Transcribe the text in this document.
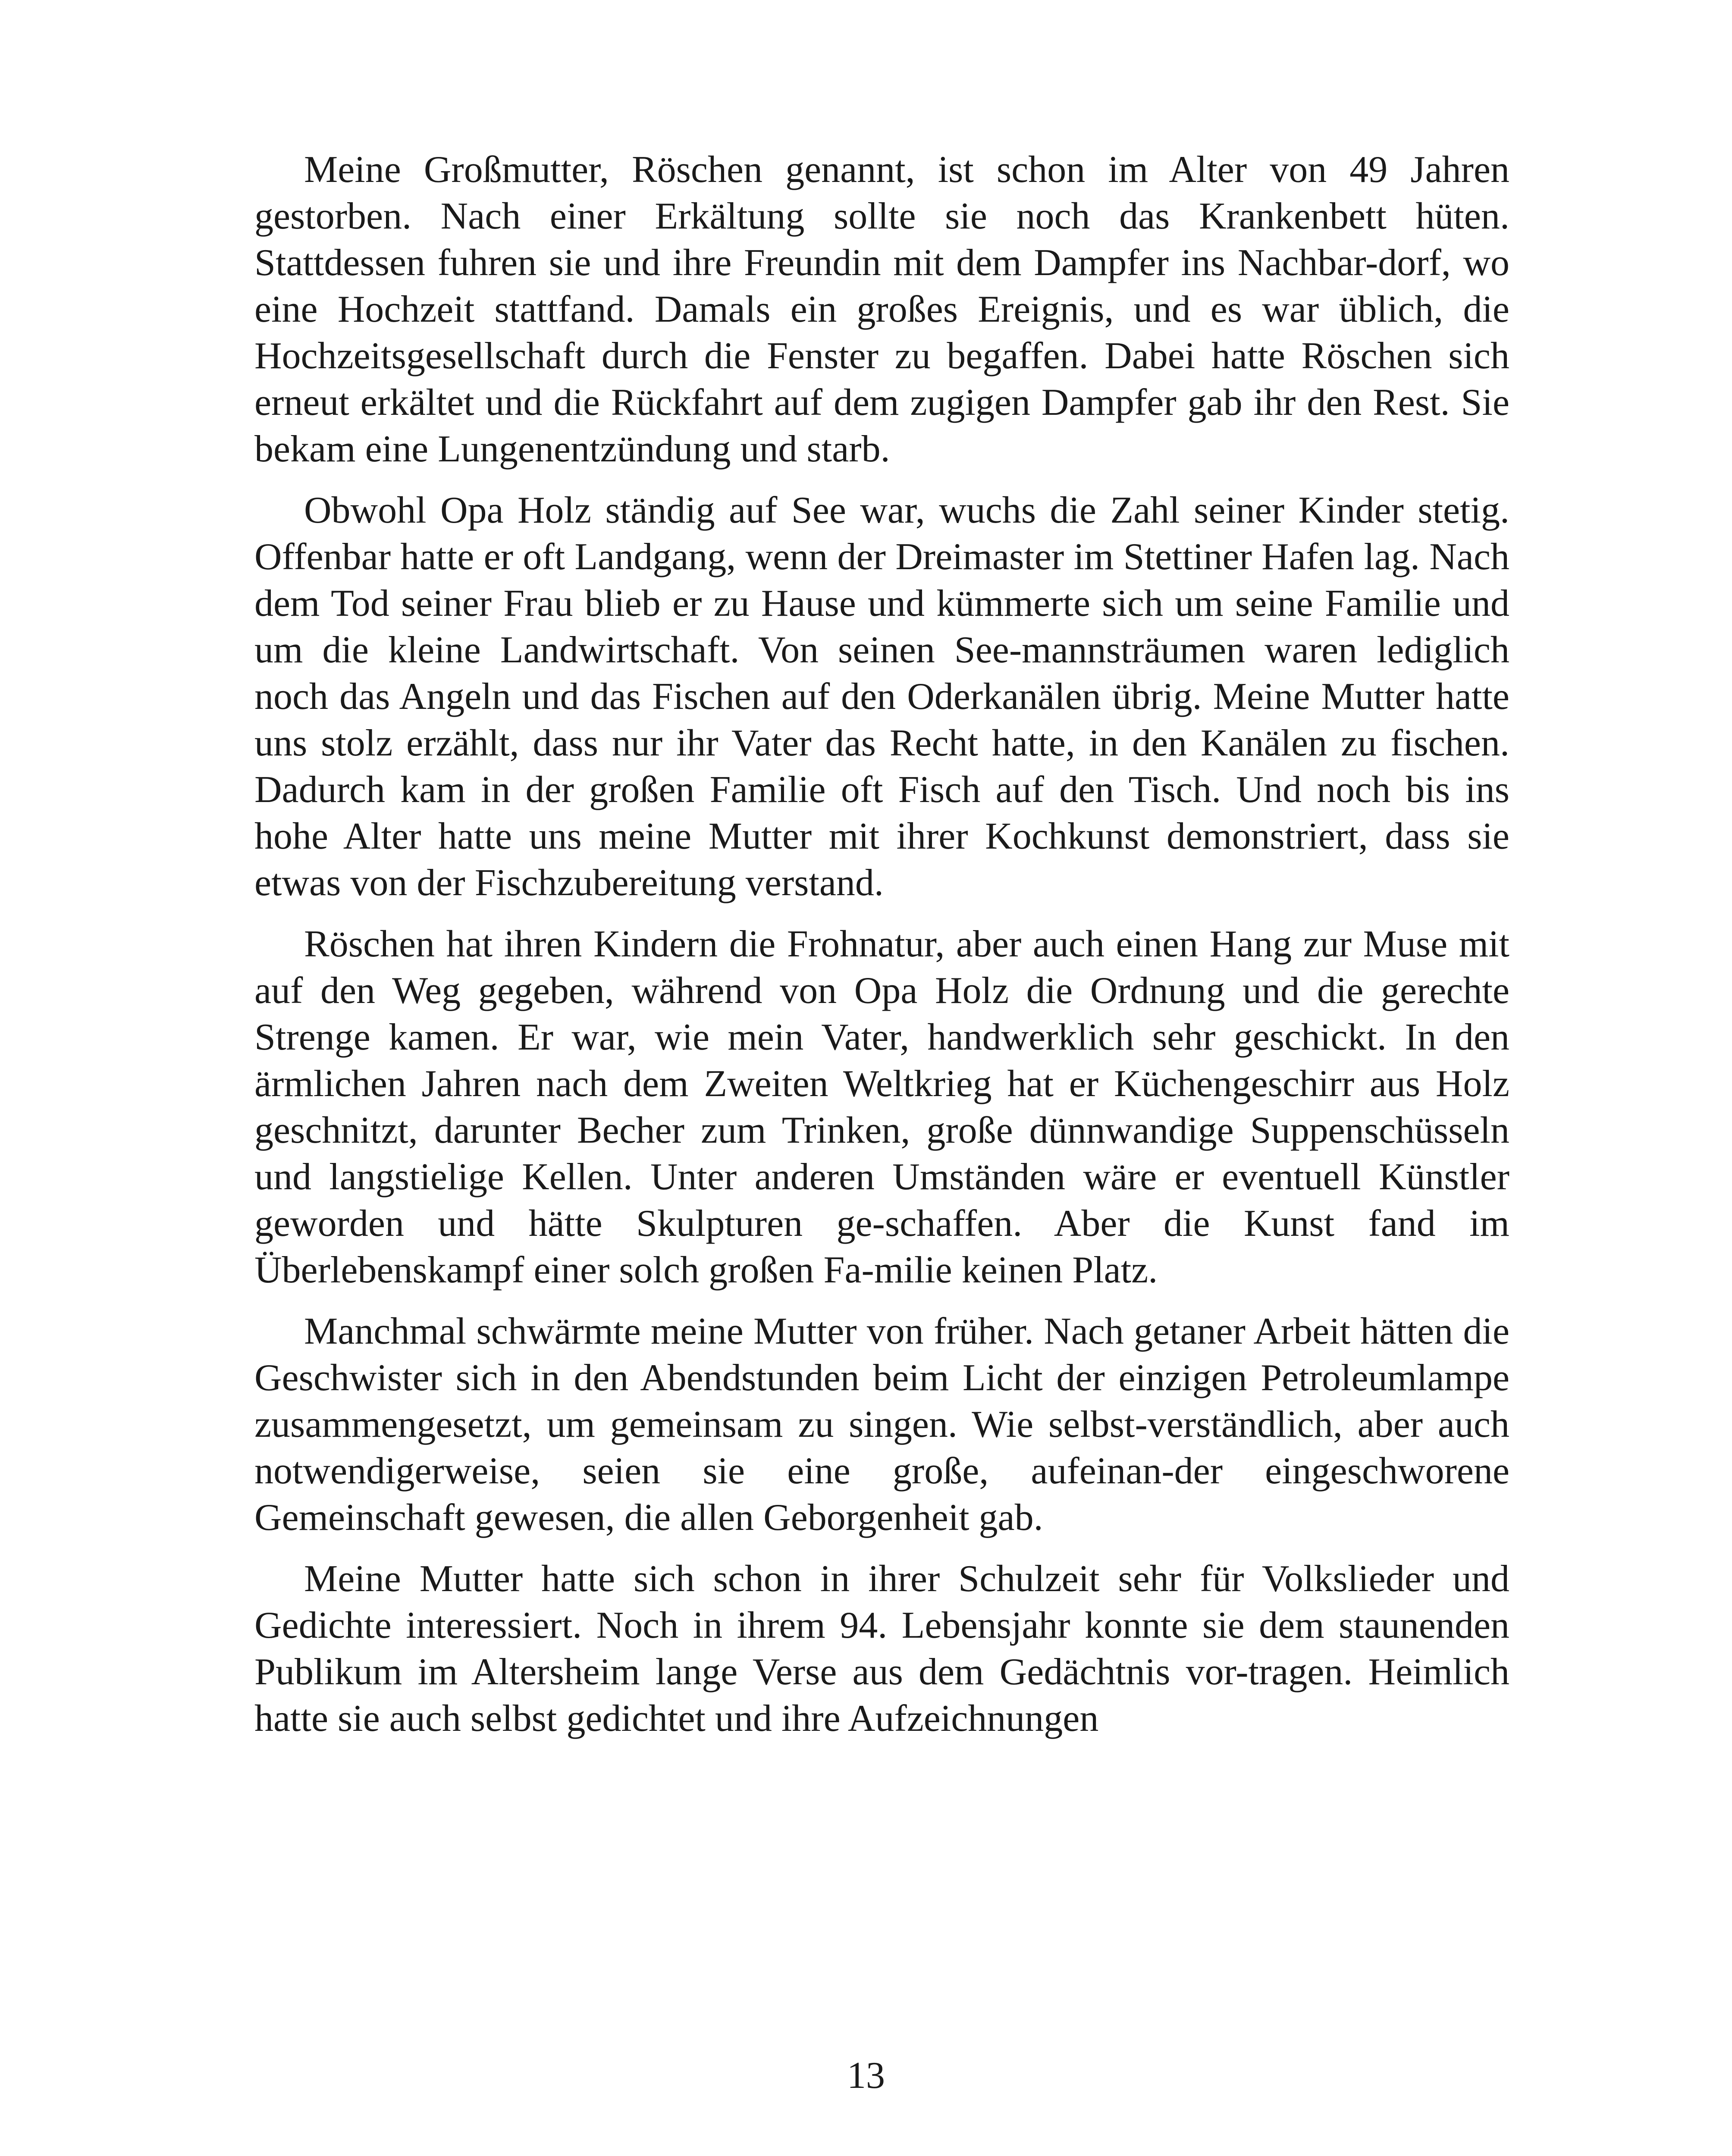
Meine Großmutter, Röschen genannt, ist schon im Alter von 49 Jahren gestorben. Nach einer Erkältung sollte sie noch das Krankenbett hüten. Stattdessen fuhren sie und ihre Freundin mit dem Dampfer ins Nachbar-dorf, wo eine Hochzeit stattfand. Damals ein großes Ereignis, und es war üblich, die Hochzeitsgesellschaft durch die Fenster zu begaffen. Dabei hatte Röschen sich erneut erkältet und die Rückfahrt auf dem zugigen Dampfer gab ihr den Rest. Sie bekam eine Lungenentzündung und starb.

Obwohl Opa Holz ständig auf See war, wuchs die Zahl seiner Kinder stetig. Offenbar hatte er oft Landgang, wenn der Dreimaster im Stettiner Hafen lag. Nach dem Tod seiner Frau blieb er zu Hause und kümmerte sich um seine Familie und um die kleine Landwirtschaft. Von seinen See-mannsträumen waren lediglich noch das Angeln und das Fischen auf den Oderkanälen übrig. Meine Mutter hatte uns stolz erzählt, dass nur ihr Vater das Recht hatte, in den Kanälen zu fischen. Dadurch kam in der großen Familie oft Fisch auf den Tisch. Und noch bis ins hohe Alter hatte uns meine Mutter mit ihrer Kochkunst demonstriert, dass sie etwas von der Fischzubereitung verstand.

Röschen hat ihren Kindern die Frohnatur, aber auch einen Hang zur Muse mit auf den Weg gegeben, während von Opa Holz die Ordnung und die gerechte Strenge kamen. Er war, wie mein Vater, handwerklich sehr geschickt. In den ärmlichen Jahren nach dem Zweiten Weltkrieg hat er Küchengeschirr aus Holz geschnitzt, darunter Becher zum Trinken, große dünnwandige Suppenschüsseln und langstielige Kellen. Unter anderen Umständen wäre er eventuell Künstler geworden und hätte Skulpturen ge-schaffen. Aber die Kunst fand im Überlebenskampf einer solch großen Fa-milie keinen Platz.

Manchmal schwärmte meine Mutter von früher. Nach getaner Arbeit hätten die Geschwister sich in den Abendstunden beim Licht der einzigen Petroleumlampe zusammengesetzt, um gemeinsam zu singen. Wie selbst-verständlich, aber auch notwendigerweise, seien sie eine große, aufeinan-der eingeschworene Gemeinschaft gewesen, die allen Geborgenheit gab.

Meine Mutter hatte sich schon in ihrer Schulzeit sehr für Volkslieder und Gedichte interessiert. Noch in ihrem 94. Lebensjahr konnte sie dem staunenden Publikum im Altersheim lange Verse aus dem Gedächtnis vor-tragen. Heimlich hatte sie auch selbst gedichtet und ihre Aufzeichnungen

13
